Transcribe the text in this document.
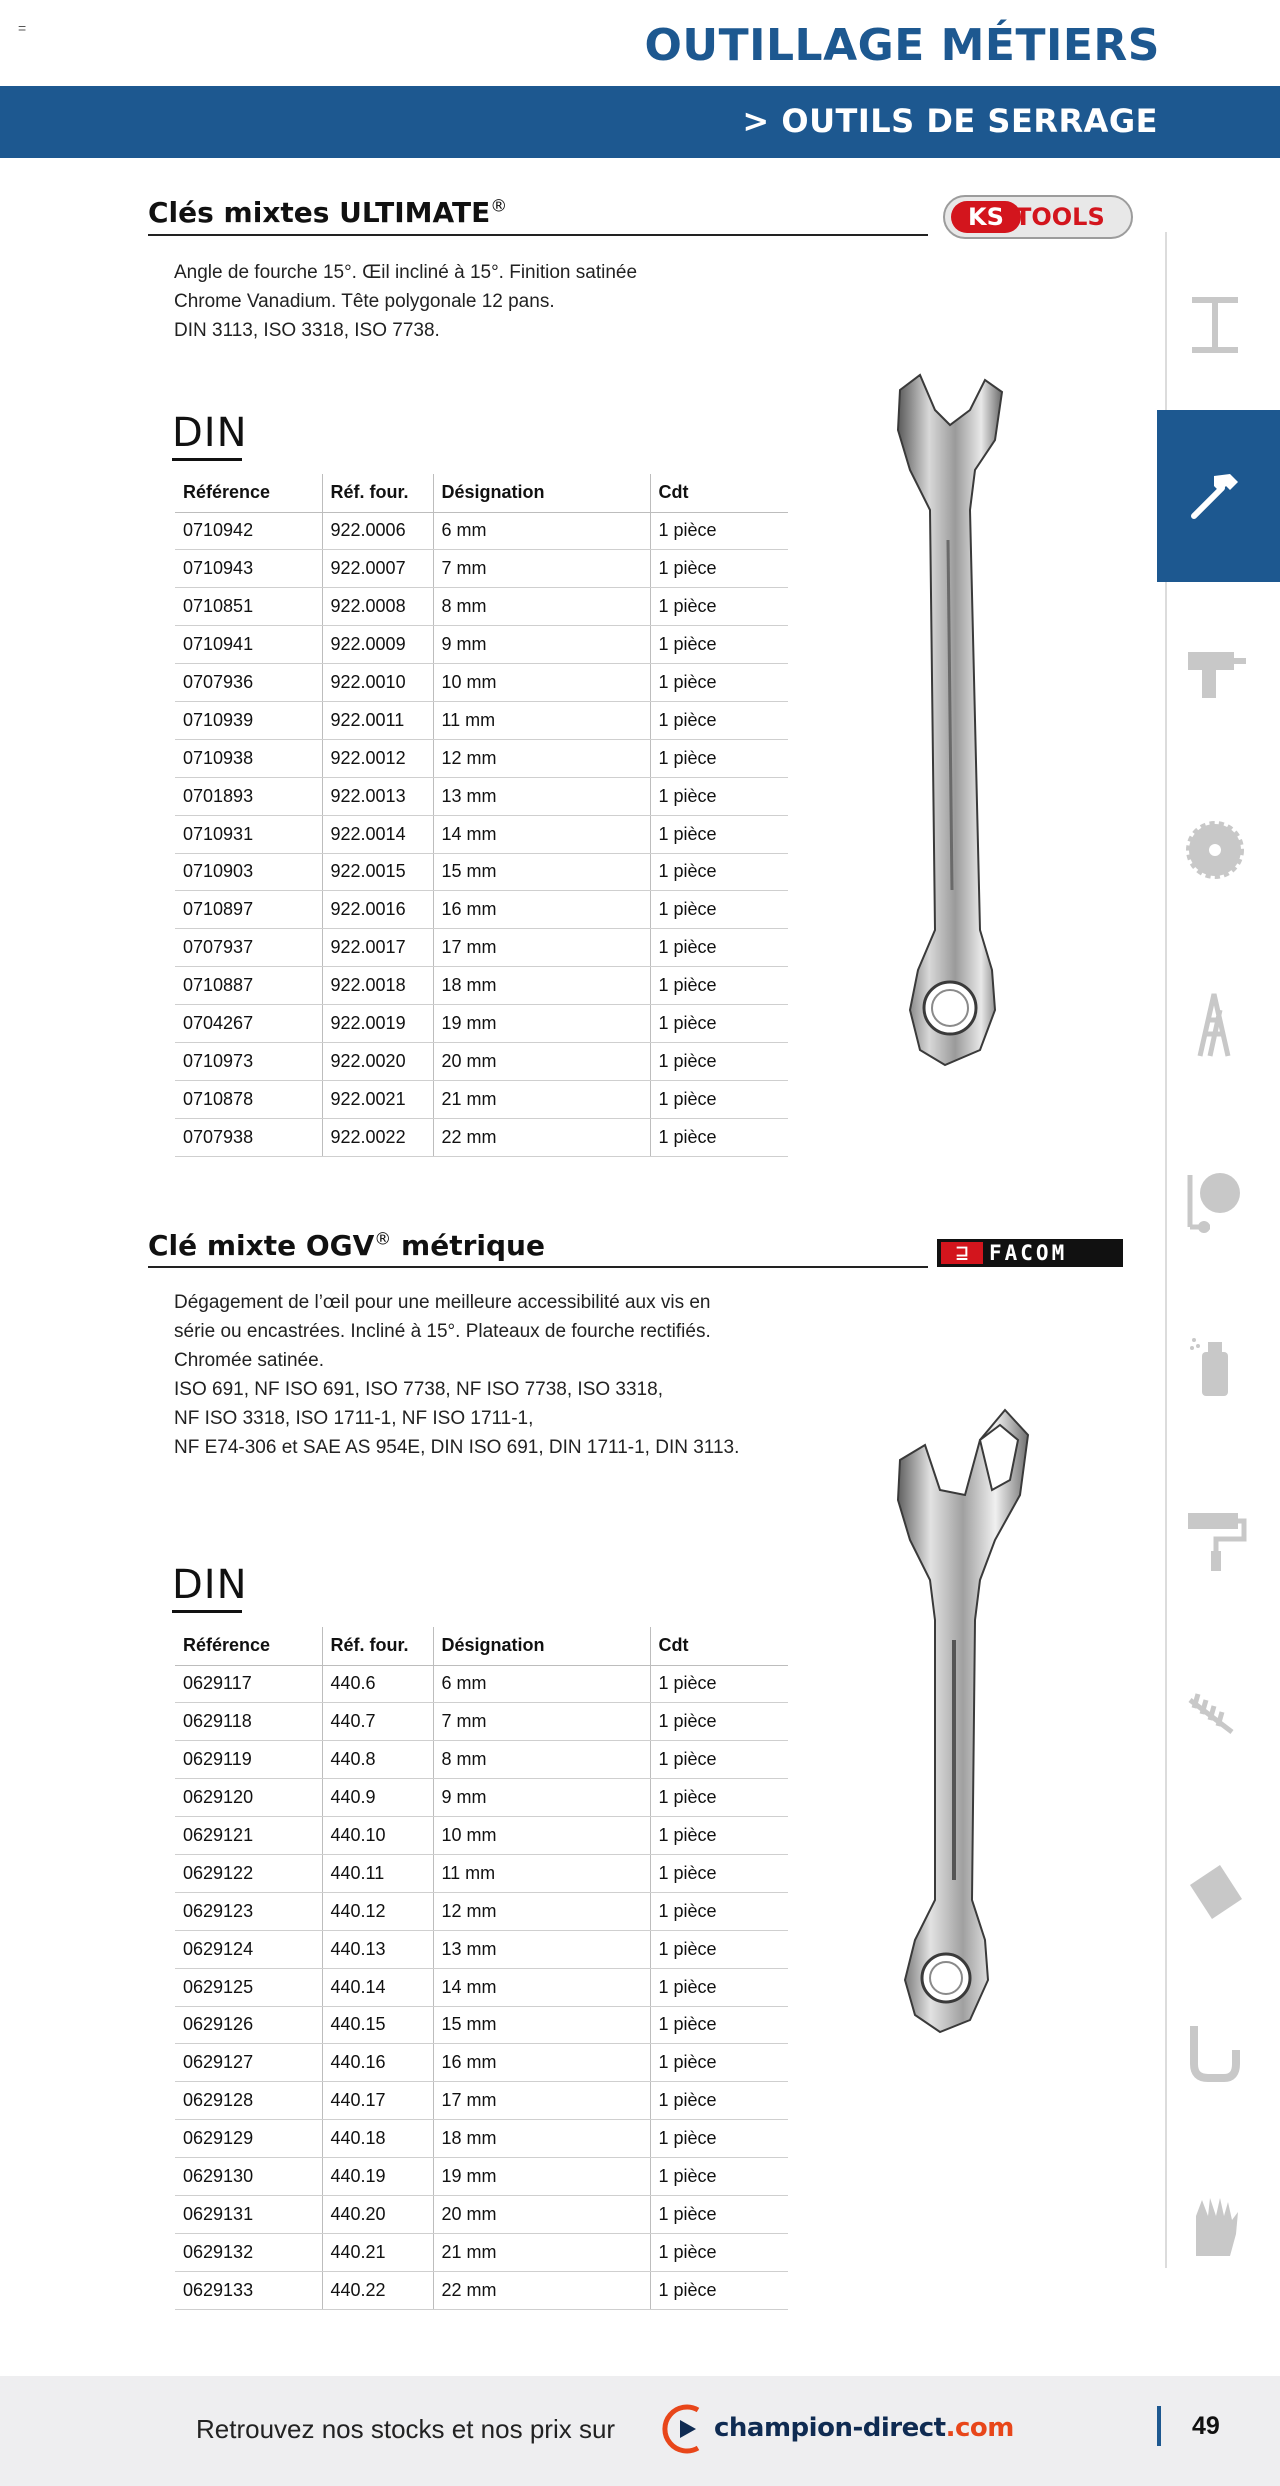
=	OUTILLAGE MÉTIERS
> OUTILS DE SERRAGE
Clés mixtes ULTIMATE®	KS TOOLS
Angle de fourche 15°. Œil incliné à 15°. Finition satinée
Chrome Vanadium. Tête polygonale 12 pans.
DIN 3113, ISO 3318, ISO 7738.
DIN
Référence	Réf. four.	Désignation	Cdt
0710942	922.0006	6 mm	1 pièce
0710943	922.0007	7 mm	1 pièce
0710851	922.0008	8 mm	1 pièce
0710941	922.0009	9 mm	1 pièce
0707936	922.0010	10 mm	1 pièce
0710939	922.0011	11 mm	1 pièce
0710938	922.0012	12 mm	1 pièce
0701893	922.0013	13 mm	1 pièce
0710931	922.0014	14 mm	1 pièce
0710903	922.0015	15 mm	1 pièce
0710897	922.0016	16 mm	1 pièce
0707937	922.0017	17 mm	1 pièce
0710887	922.0018	18 mm	1 pièce
0704267	922.0019	19 mm	1 pièce
0710973	922.0020	20 mm	1 pièce
0710878	922.0021	21 mm	1 pièce
0707938	922.0022	22 mm	1 pièce
Clé mixte OGV® métrique	⊒ FACOM
Dégagement de l’œil pour une meilleure accessibilité aux vis en
série ou encastrées. Incliné à 15°. Plateaux de fourche rectifiés.
Chromée satinée.
ISO 691, NF ISO 691, ISO 7738, NF ISO 7738, ISO 3318,
NF ISO 3318, ISO 1711-1, NF ISO 1711-1,
NF E74-306 et SAE AS 954E, DIN ISO 691, DIN 1711-1, DIN 3113.
DIN
Référence	Réf. four.	Désignation	Cdt
0629117	440.6	6 mm	1 pièce
0629118	440.7	7 mm	1 pièce
0629119	440.8	8 mm	1 pièce
0629120	440.9	9 mm	1 pièce
0629121	440.10	10 mm	1 pièce
0629122	440.11	11 mm	1 pièce
0629123	440.12	12 mm	1 pièce
0629124	440.13	13 mm	1 pièce
0629125	440.14	14 mm	1 pièce
0629126	440.15	15 mm	1 pièce
0629127	440.16	16 mm	1 pièce
0629128	440.17	17 mm	1 pièce
0629129	440.18	18 mm	1 pièce
0629130	440.19	19 mm	1 pièce
0629131	440.20	20 mm	1 pièce
0629132	440.21	21 mm	1 pièce
0629133	440.22	22 mm	1 pièce
Retrouvez nos stocks et nos prix sur	champion-direct.com	49
